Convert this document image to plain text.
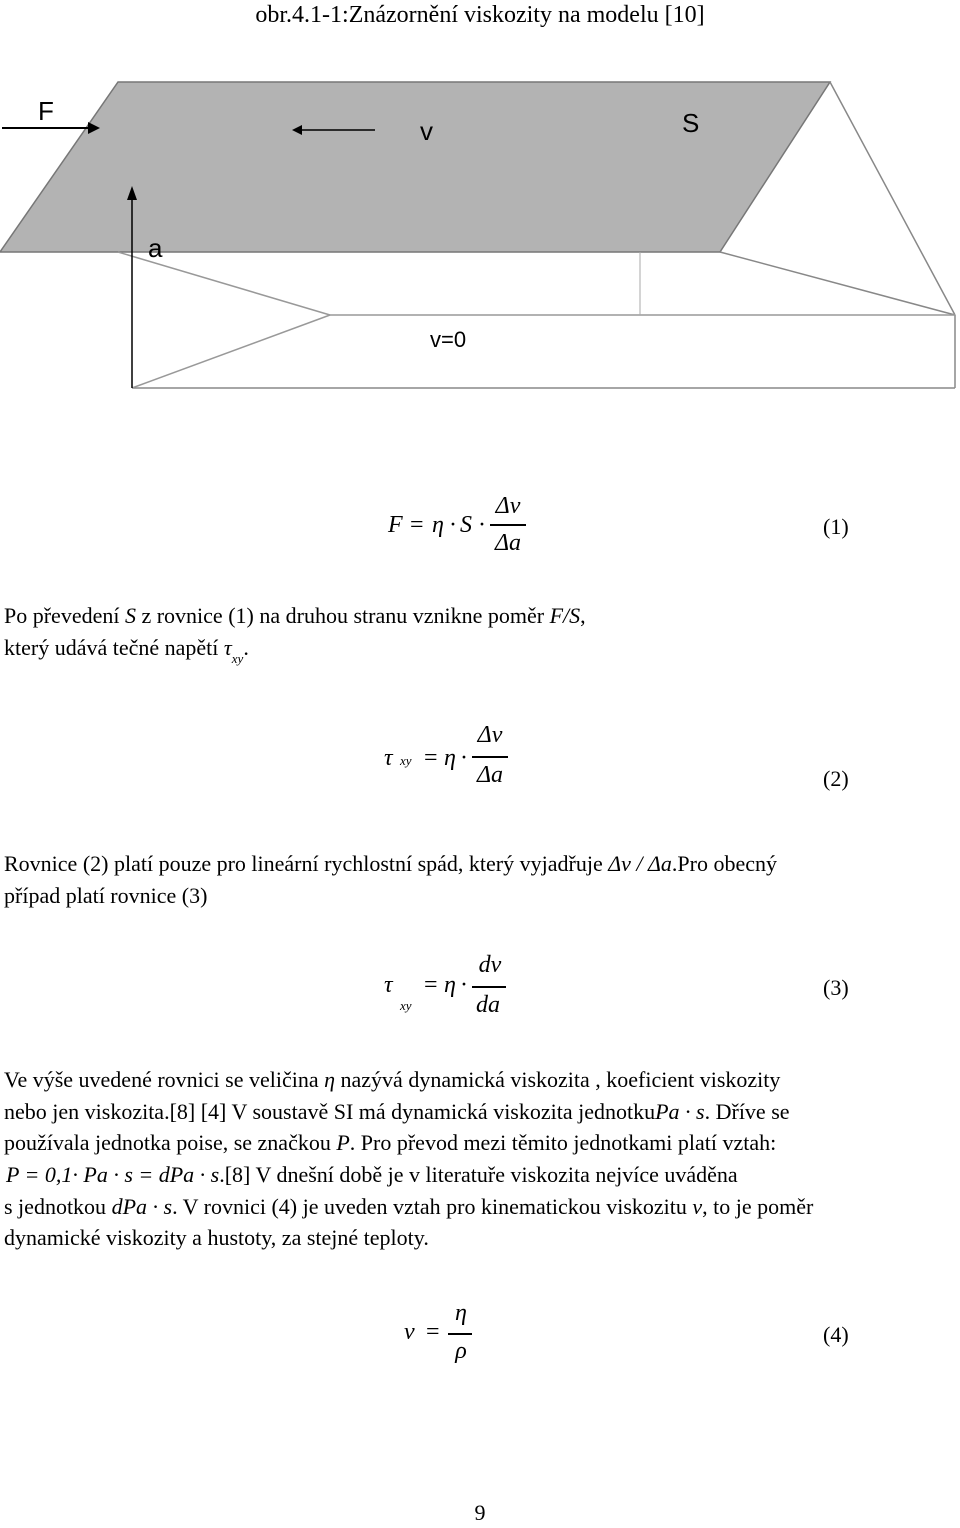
obr.4.1-1:Znázornění viskozity na modelu [10]
F
v	S
a
v=0
F = η · S ·
Δv
Δa
(1)
Po převedení S z rovnice (1) na druhou stranu vznikne poměr F/S,
který udává tečné napětí $\tau_{xy}$.
τ $_{xy}$ = η ·
Δv
Δa	(2)
Rovnice (2) platí pouze pro lineární rychlostní spád, který vyjadřuje Δv / Δa.Pro obecný
případ platí rovnice (3)
τ
$_{xy}$
= η ·
dv
da
(3)
Ve výše uvedené rovnici se veličina η nazývá dynamická viskozita , koeficient viskozity
nebo jen viskozita.[8] [4] V soustavě SI má dynamická viskozita jednotkuPa · s. Dříve se
používala jednotka poise, se značkou P. Pro převod mezi těmito jednotkami platí vztah:
P = 0,1· Pa · s = dPa · s.[8] V dnešní době je v literatuře viskozita nejvíce uváděna
s jednotkou dPa · s. V rovnici (4) je uveden vztah pro kinematickou viskozitu ν, to je poměr
dynamické viskozity a hustoty, za stejné teploty.
ν =
η
ρ
(4)
9
